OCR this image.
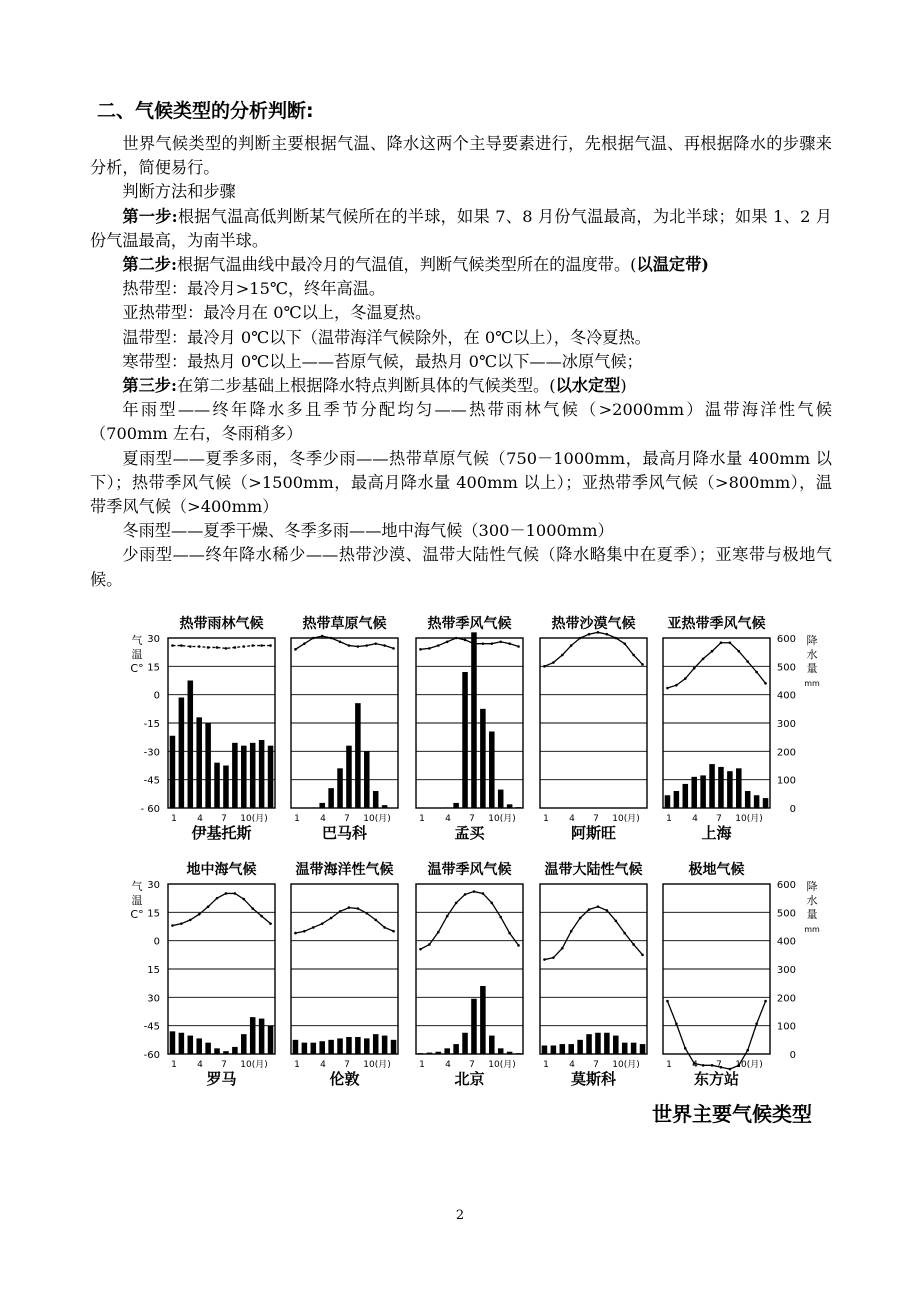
二、气候类型的分析判断:

世界气候类型的判断主要根据气温、降水这两个主导要素进行，先根据气温、再根据降水的步骤来分析，简便易行。

判断方法和步骤

第一步:根据气温高低判断某气候所在的半球，如果 7、8 月份气温最高，为北半球；如果 1、2 月份气温最高，为南半球。

第二步:根据气温曲线中最冷月的气温值，判断气候类型所在的温度带。(以温定带)

热带型：最冷月>15℃，终年高温。

亚热带型：最冷月在 0℃以上，冬温夏热。

温带型：最冷月 0℃以下（温带海洋气候除外，在 0℃以上），冬冷夏热。

寒带型：最热月 0℃以上——苔原气候，最热月 0℃以下——冰原气候；

第三步:在第二步基础上根据降水特点判断具体的气候类型。(以水定型)

年雨型——终年降水多且季节分配均匀——热带雨林气候（>2000mm）温带海洋性气候（700mm 左右，冬雨稍多）

夏雨型——夏季多雨，冬季少雨——热带草原气候（750－1000mm，最高月降水量 400mm 以下）；热带季风气候（>1500mm，最高月降水量 400mm 以上）；亚热带季风气候（>800mm），温带季风气候（>400mm）

冬雨型——夏季干燥、冬季多雨——地中海气候（300－1000mm）

少雨型——终年降水稀少——热带沙漠、温带大陆性气候（降水略集中在夏季）；亚寒带与极地气候。

热带雨林气候
伊基托斯
1 4 7 10(月)
热带草原气候
巴马科
1 4 7 10(月)
热带季风气候
孟买
1 4 7 10(月)
热带沙漠气候
阿斯旺
1 4 7 10(月)
亚热带季风气候
上海
1 4 7 10(月)
地中海气候
罗马
1 4 7 10(月)
温带海洋性气候
伦敦
1 4 7 10(月)
温带季风气候
北京
1 4 7 10(月)
温带大陆性气候
莫斯科
1 4 7 10(月)
极地气候
东方站
1 4 7 10(月)
30
15
0
-15
-30
-45
- 60
气
温
C°
600
500
400
300
200
100
0
降
水
量
mm
30
15
0
15
30
-45
-60
气
温
C°
600
500
400
300
200
100
0
降
水
量
mm
世界主要气候类型
2
